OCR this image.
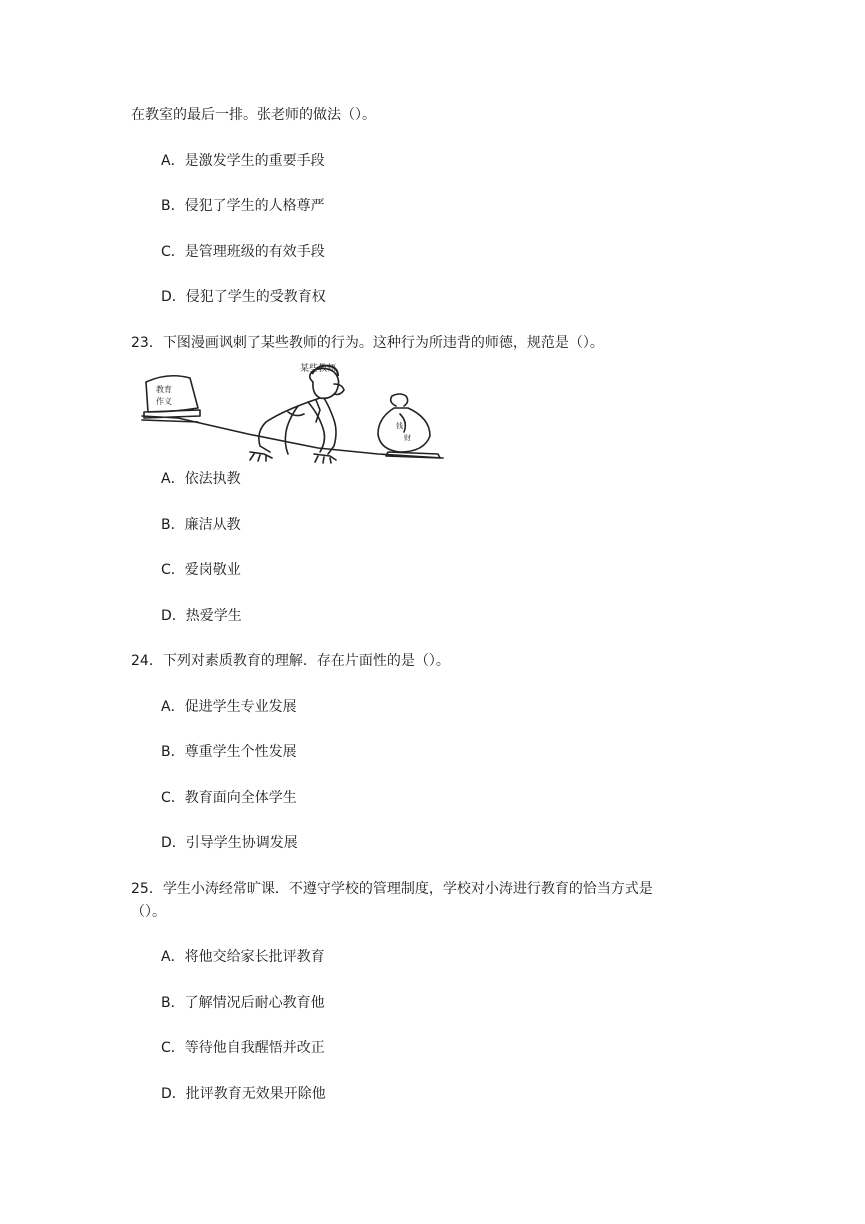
在教室的最后一排。张老师的做法（）。
A．是激发学生的重要手段
B．侵犯了学生的人格尊严
C．是管理班级的有效手段
D．侵犯了学生的受教育权
23．下图漫画讽刺了某些教师的行为。这种行为所违背的师德，规范是（）。
某些教师
教育
作义
钱
财
A．依法执教
B．廉洁从教
C．爱岗敬业
D．热爱学生
24．下列对素质教育的理解．存在片面性的是（）。
A．促进学生专业发展
B．尊重学生个性发展
C．教育面向全体学生
D．引导学生协调发展
25．学生小涛经常旷课．不遵守学校的管理制度，学校对小涛进行教育的恰当方式是
（）。
A．将他交给家长批评教育
B．了解情况后耐心教育他
C．等待他自我醒悟并改正
D．批评教育无效果开除他
